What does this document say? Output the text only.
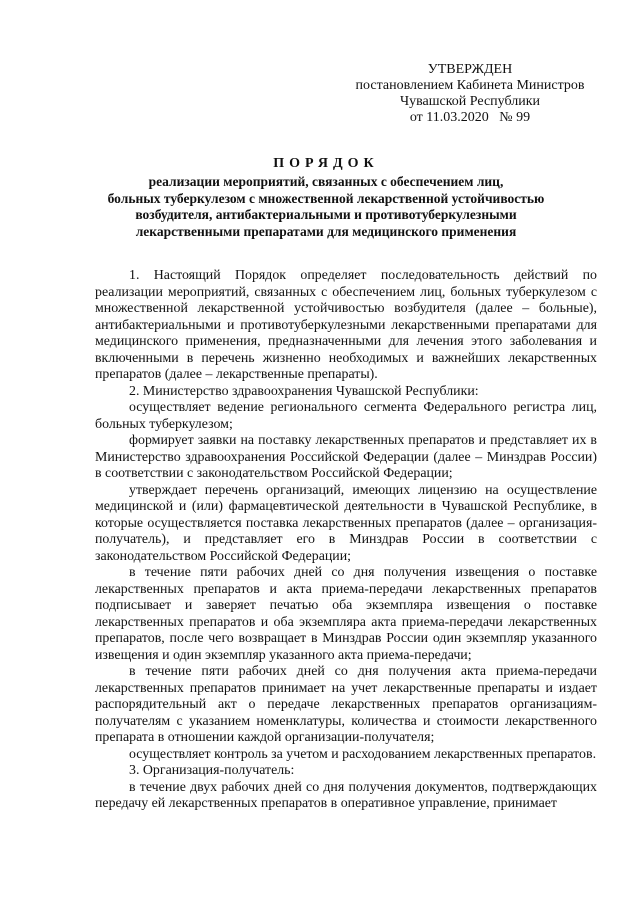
УТВЕРЖДЕН
постановлением Кабинета Министров
Чувашской Республики
от 11.03.2020   № 99
ПОРЯДОК
реализации мероприятий, связанных с обеспечением лиц,
больных туберкулезом с множественной лекарственной устойчивостью
возбудителя, антибактериальными и противотуберкулезными
лекарственными препаратами для медицинского применения

1. Настоящий Порядок определяет последовательность действий по реализации мероприятий, связанных с обеспечением лиц, больных туберкулезом с множественной лекарственной устойчивостью возбудителя (далее – больные), антибактериальными и противотуберкулезными лекарственными препаратами для медицинского применения, предназначенными для лечения этого заболевания и включенными в перечень жизненно необходимых и важнейших лекарственных препаратов (далее – лекарственные препараты).

2. Министерство здравоохранения Чувашской Республики:

осуществляет ведение регионального сегмента Федерального регистра лиц, больных туберкулезом;

формирует заявки на поставку лекарственных препаратов и представляет их в Министерство здравоохранения Российской Федерации (далее – Минздрав России) в соответствии с законодательством Российской Федерации;

утверждает перечень организаций, имеющих лицензию на осуществление медицинской и (или) фармацевтической деятельности в Чувашской Республике, в которые осуществляется поставка лекарственных препаратов (далее – организация-получатель), и представляет его в Минздрав России в соответствии с законодательством Российской Федерации;

в течение пяти рабочих дней со дня получения извещения о поставке лекарственных препаратов и акта приема-передачи лекарственных препаратов подписывает и заверяет печатью оба экземпляра извещения о поставке лекарственных препаратов и оба экземпляра акта приема-передачи лекарственных препаратов, после чего возвращает в Минздрав России один экземпляр указанного извещения и один экземпляр указанного акта приема-передачи;

в течение пяти рабочих дней со дня получения акта приема-передачи лекарственных препаратов принимает на учет лекарственные препараты и издает распорядительный акт о передаче лекарственных препаратов организациям-получателям с указанием номенклатуры, количества и стоимости лекарственного препарата в отношении каждой организации-получателя;

осуществляет контроль за учетом и расходованием лекарственных препаратов.

3. Организация-получатель:

в течение двух рабочих дней со дня получения документов, подтверждающих передачу ей лекарственных препаратов в оперативное управление, принимает
